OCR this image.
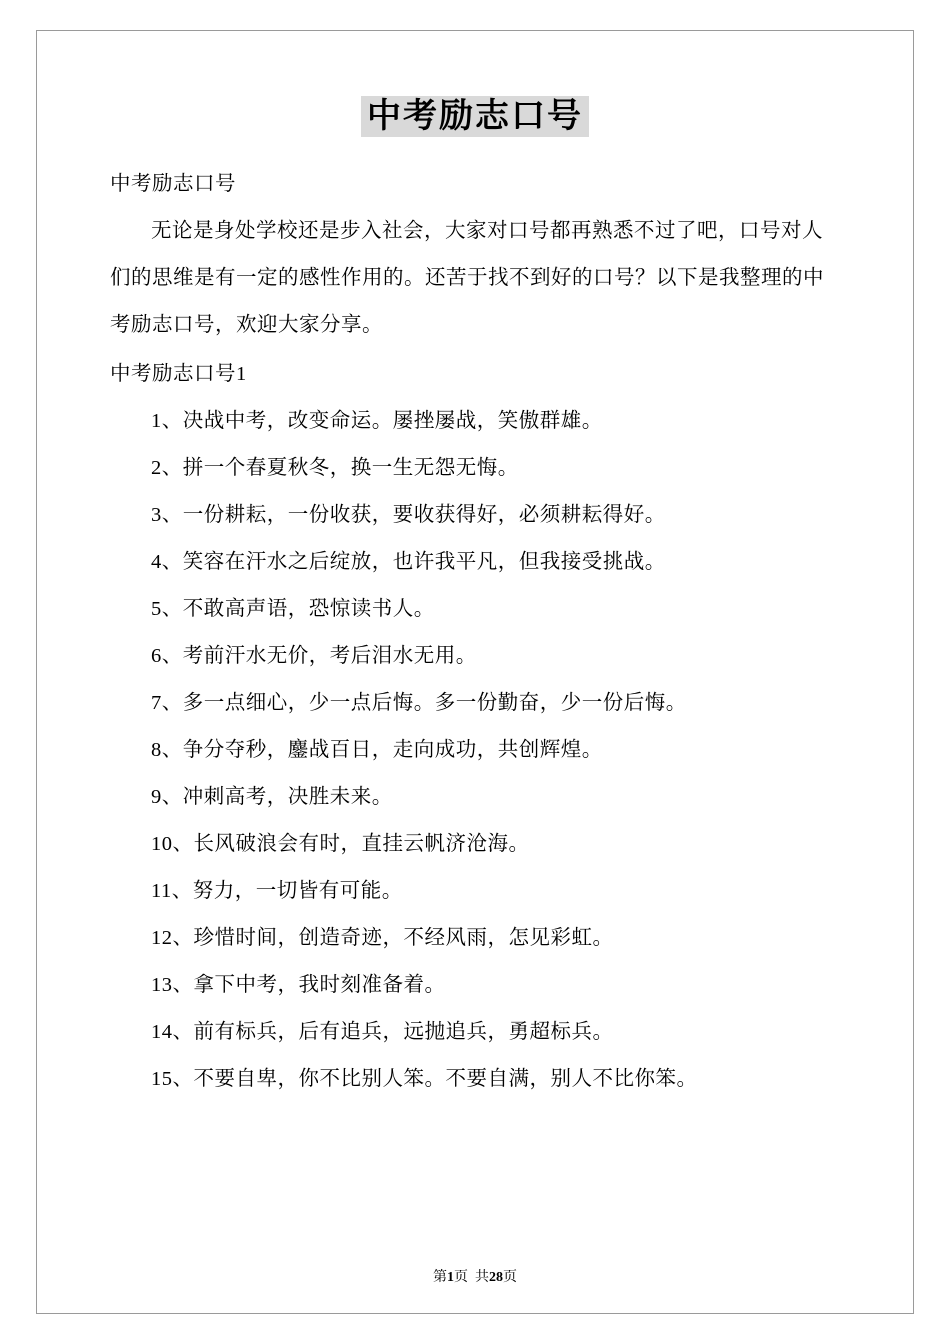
中考励志口号

中考励志口号

无论是身处学校还是步入社会，大家对口号都再熟悉不过了吧，口号对人们的思维是有一定的感性作用的。还苦于找不到好的口号？以下是我整理的中考励志口号，欢迎大家分享。

中考励志口号1

1、决战中考，改变命运。屡挫屡战，笑傲群雄。

2、拼一个春夏秋冬，换一生无怨无悔。

3、一份耕耘，一份收获，要收获得好，必须耕耘得好。

4、笑容在汗水之后绽放，也许我平凡，但我接受挑战。

5、不敢高声语，恐惊读书人。

6、考前汗水无价，考后泪水无用。

7、多一点细心，少一点后悔。多一份勤奋，少一份后悔。

8、争分夺秒，鏖战百日，走向成功，共创辉煌。

9、冲刺高考，决胜未来。

10、长风破浪会有时，直挂云帆济沧海。

11、努力，一切皆有可能。

12、珍惜时间，创造奇迹，不经风雨，怎见彩虹。

13、拿下中考，我时刻准备着。

14、前有标兵，后有追兵，远抛追兵，勇超标兵。

15、不要自卑，你不比别人笨。不要自满，别人不比你笨。

第1页 共28页
